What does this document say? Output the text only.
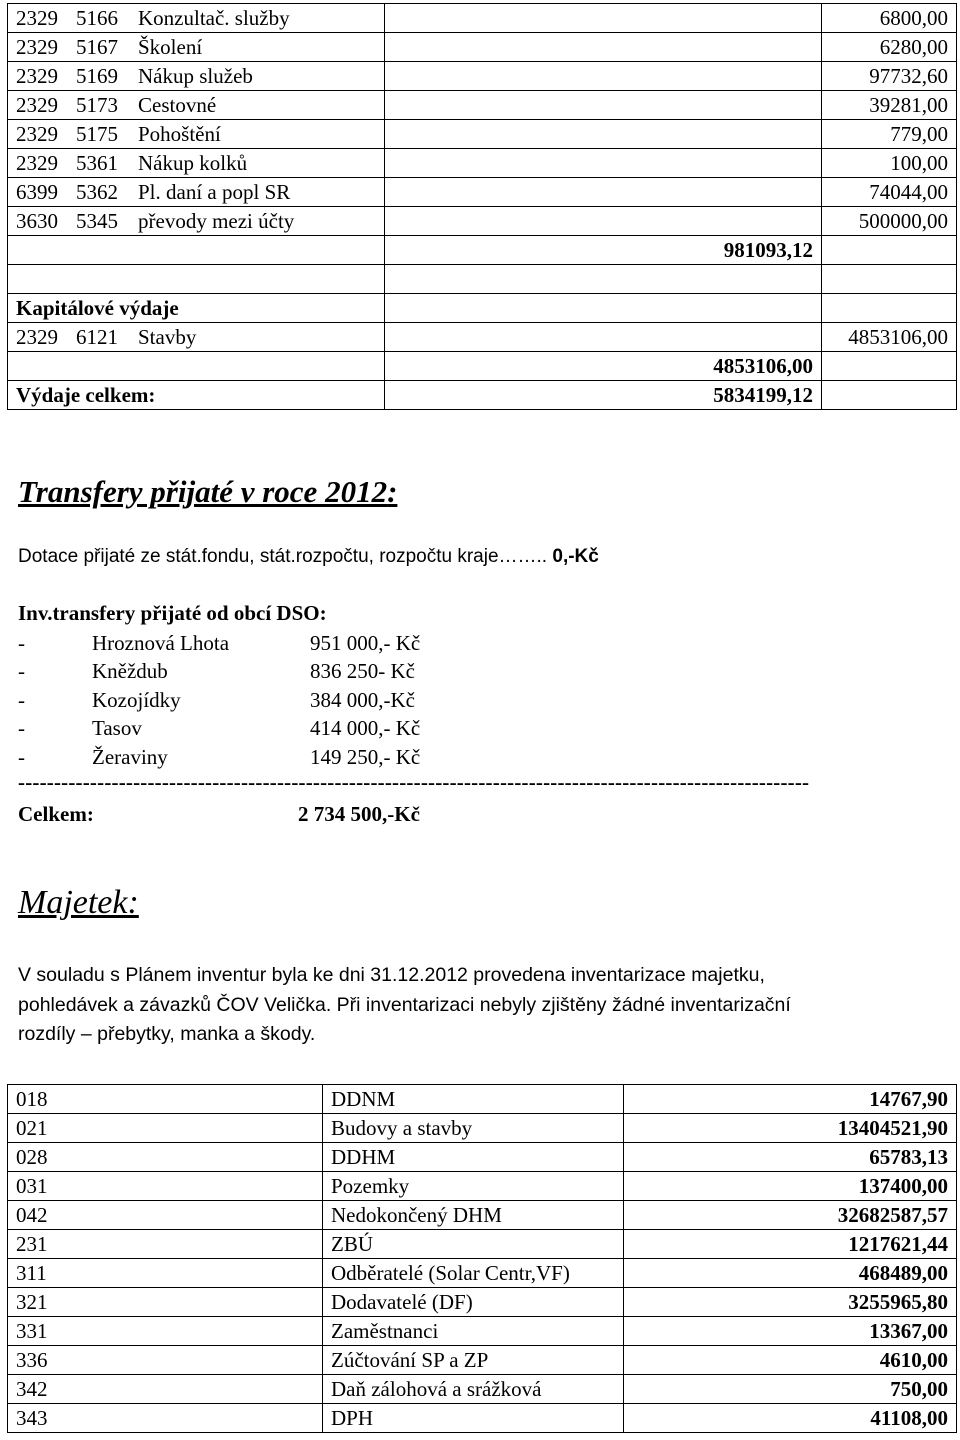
2329 5166 Konzultač. služby		6800,00
2329 5167 Školení		6280,00
2329 5169 Nákup služeb		97732,60
2329 5173 Cestovné		39281,00
2329 5175 Pohoštění		779,00
2329 5361 Nákup kolků		100,00
6399 5362 Pl. daní a popl SR		74044,00
3630 5345 převody mezi účty		500000,00
	981093,12	

Kapitálové výdaje		
2329 6121 Stavby		4853106,00
	4853106,00	
Výdaje celkem:	5834199,12	
Transfery přijaté v roce 2012:
Dotace přijaté ze stát.fondu, stát.rozpočtu, rozpočtu kraje…….. 0,-Kč
Inv.transfery přijaté od obcí DSO:
-	Hroznová Lhota	951 000,- Kč
-	Kněždub	836 250- Kč
-	Kozojídky	384 000,-Kč
-	Tasov	414 000,- Kč
-	Žeraviny	149 250,- Kč
--------------------------------------------------------------------------------------------------------------
Celkem:	2 734 500,-Kč
Majetek:
V souladu s Plánem inventur byla ke dni 31.12.2012 provedena inventarizace majetku,
pohledávek a závazků ČOV Velička. Při inventarizaci nebyly zjištěny žádné inventarizační
rozdíly – přebytky, manka a škody.
018	DDNM	14767,90
021	Budovy a stavby	13404521,90
028	DDHM	65783,13
031	Pozemky	137400,00
042	Nedokončený DHM	32682587,57
231	ZBÚ	1217621,44
311	Odběratelé (Solar Centr,VF)	468489,00
321	Dodavatelé (DF)	3255965,80
331	Zaměstnanci	13367,00
336	Zúčtování SP a ZP	4610,00
342	Daň zálohová a srážková	750,00
343	DPH	41108,00
